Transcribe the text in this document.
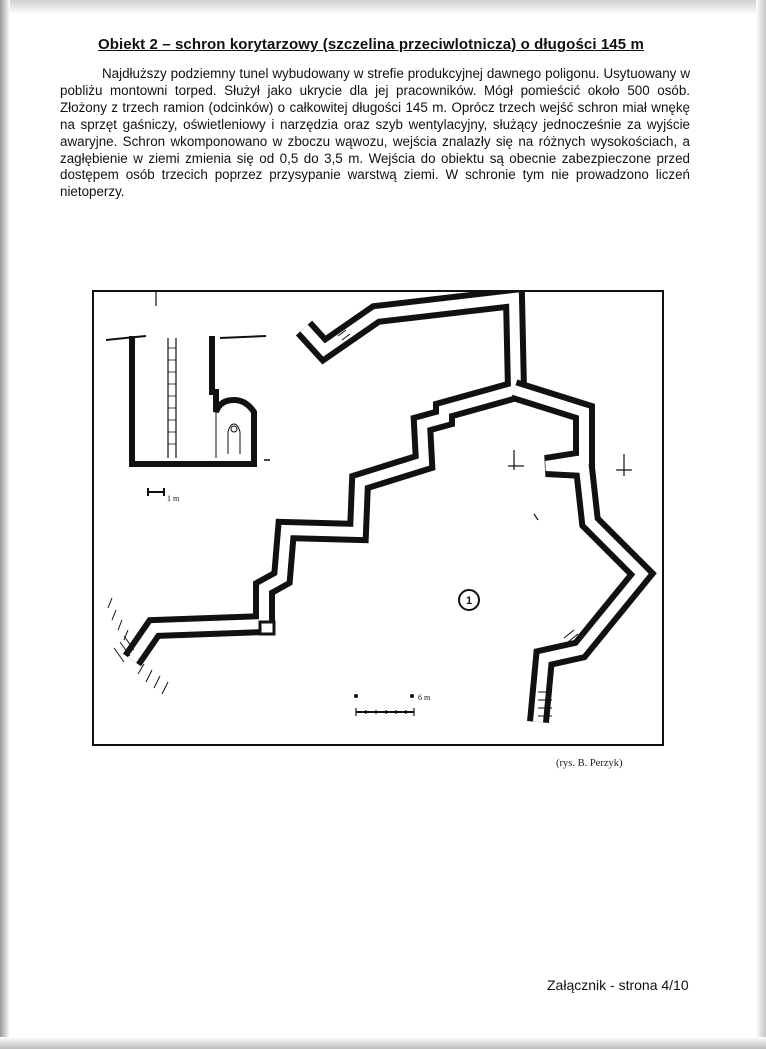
Obiekt 2 – schron korytarzowy (szczelina przeciwlotnicza) o długości 145 m
Najdłuższy podziemny tunel wybudowany w strefie produkcyjnej dawnego poligonu. Usytuowany w pobliżu montowni torped. Służył jako ukrycie dla jej pracowników. Mógł pomieścić około 500 osób. Złożony z trzech ramion (odcinków) o całkowitej długości 145 m. Oprócz trzech wejść schron miał wnękę na sprzęt gaśniczy, oświetleniowy i narzędzia oraz szyb wentylacyjny, służący jednocześnie za wyjście awaryjne. Schron wkomponowano w zboczu wąwozu, wejścia znalazły się na różnych wysokościach, a zagłębienie w ziemi zmienia się od 0,5 do 3,5 m. Wejścia do obiektu są obecnie zabezpieczone przed dostępem osób trzecich poprzez przysypanie warstwą ziemi. W schronie tym nie prowadzono liczeń nietoperzy.
1 m
1
6 m
(rys. B. Perzyk)
Załącznik - strona 4/10
